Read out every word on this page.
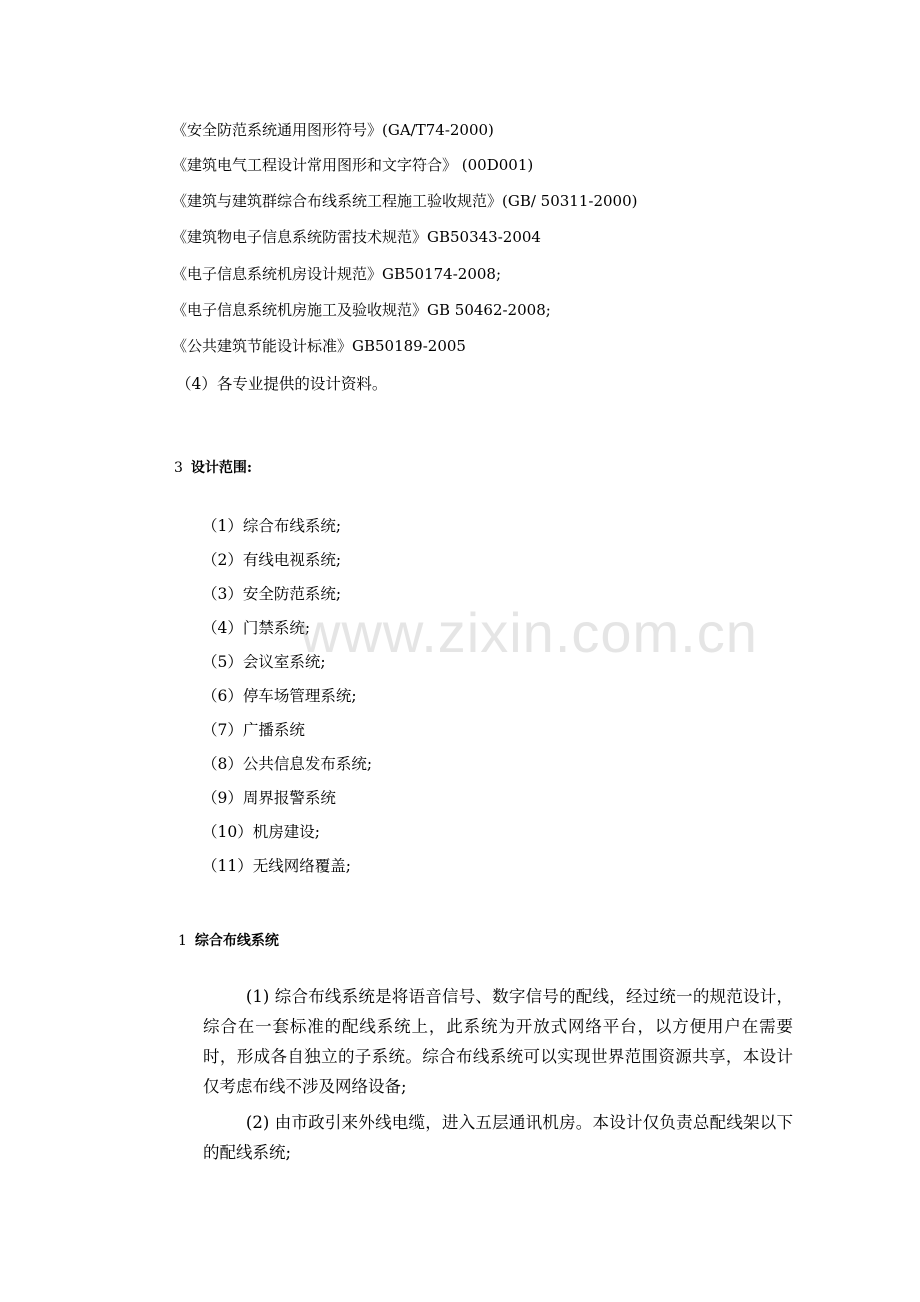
《安全防范系统通用图形符号》(GA/T74-2000)
《建筑电气工程设计常用图形和文字符合》 (00D001)
《建筑与建筑群综合布线系统工程施工验收规范》(GB/ 50311-2000)
《建筑物电子信息系统防雷技术规范》GB50343-2004
《电子信息系统机房设计规范》GB50174-2008;
《电子信息系统机房施工及验收规范》GB 50462-2008;
《公共建筑节能设计标准》GB50189-2005
（4）各专业提供的设计资料。
3 设计范围:
（1）综合布线系统;
（2）有线电视系统;
（3）安全防范系统;
（4）门禁系统;
（5）会议室系统;
（6）停车场管理系统;
（7）广播系统
（8）公共信息发布系统;
（9）周界报警系统
（10）机房建设;
（11）无线网络覆盖;
1 综合布线系统

(1) 综合布线系统是将语音信号、数字信号的配线，经过统一的规范设计，综合在一套标准的配线系统上，此系统为开放式网络平台，以方便用户在需要时，形成各自独立的子系统。综合布线系统可以实现世界范围资源共享，本设计仅考虑布线不涉及网络设备;

(2) 由市政引来外线电缆，进入五层通讯机房。本设计仅负责总配线架以下的配线系统;

www.zixin.com.cn
